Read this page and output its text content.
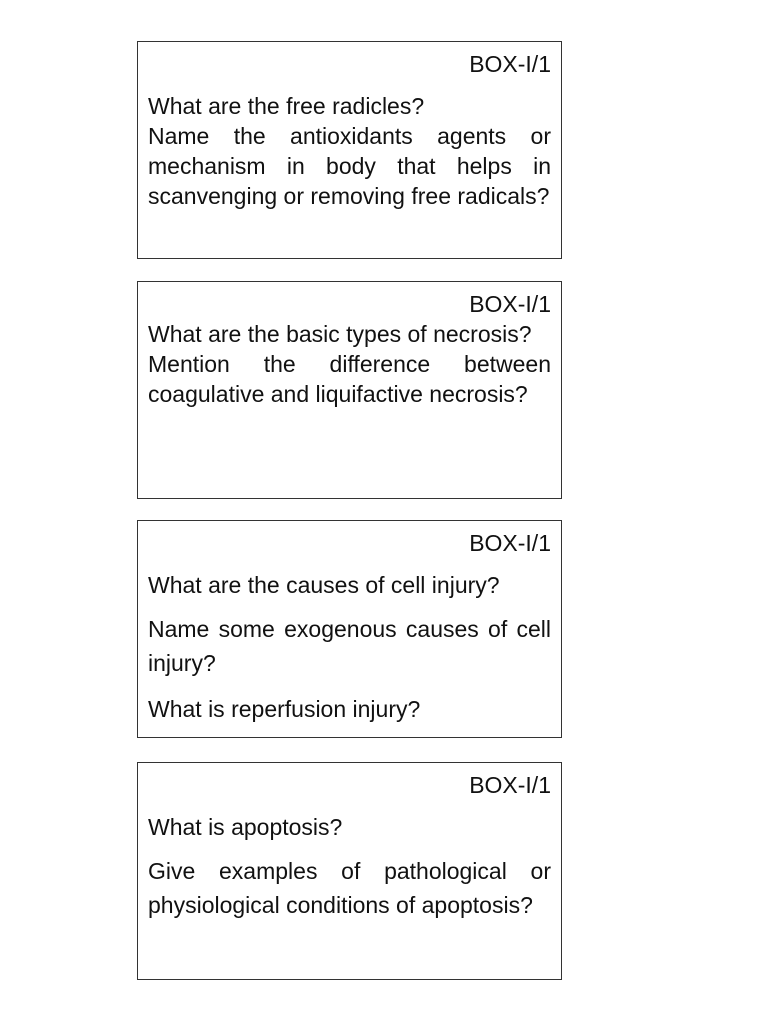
BOX-I/1

What are the free radicles?

Name the antioxidants agents or mechanism in body that helps in scanvenging or removing free radicals?

BOX-I/1

What are the basic types of necrosis?

Mention the difference between coagulative and liquifactive necrosis?

BOX-I/1

What are the causes of cell injury?

Name some exogenous causes of cell injury?

What is reperfusion injury?

BOX-I/1

What is apoptosis?

Give examples of pathological or physiological conditions of apoptosis?
